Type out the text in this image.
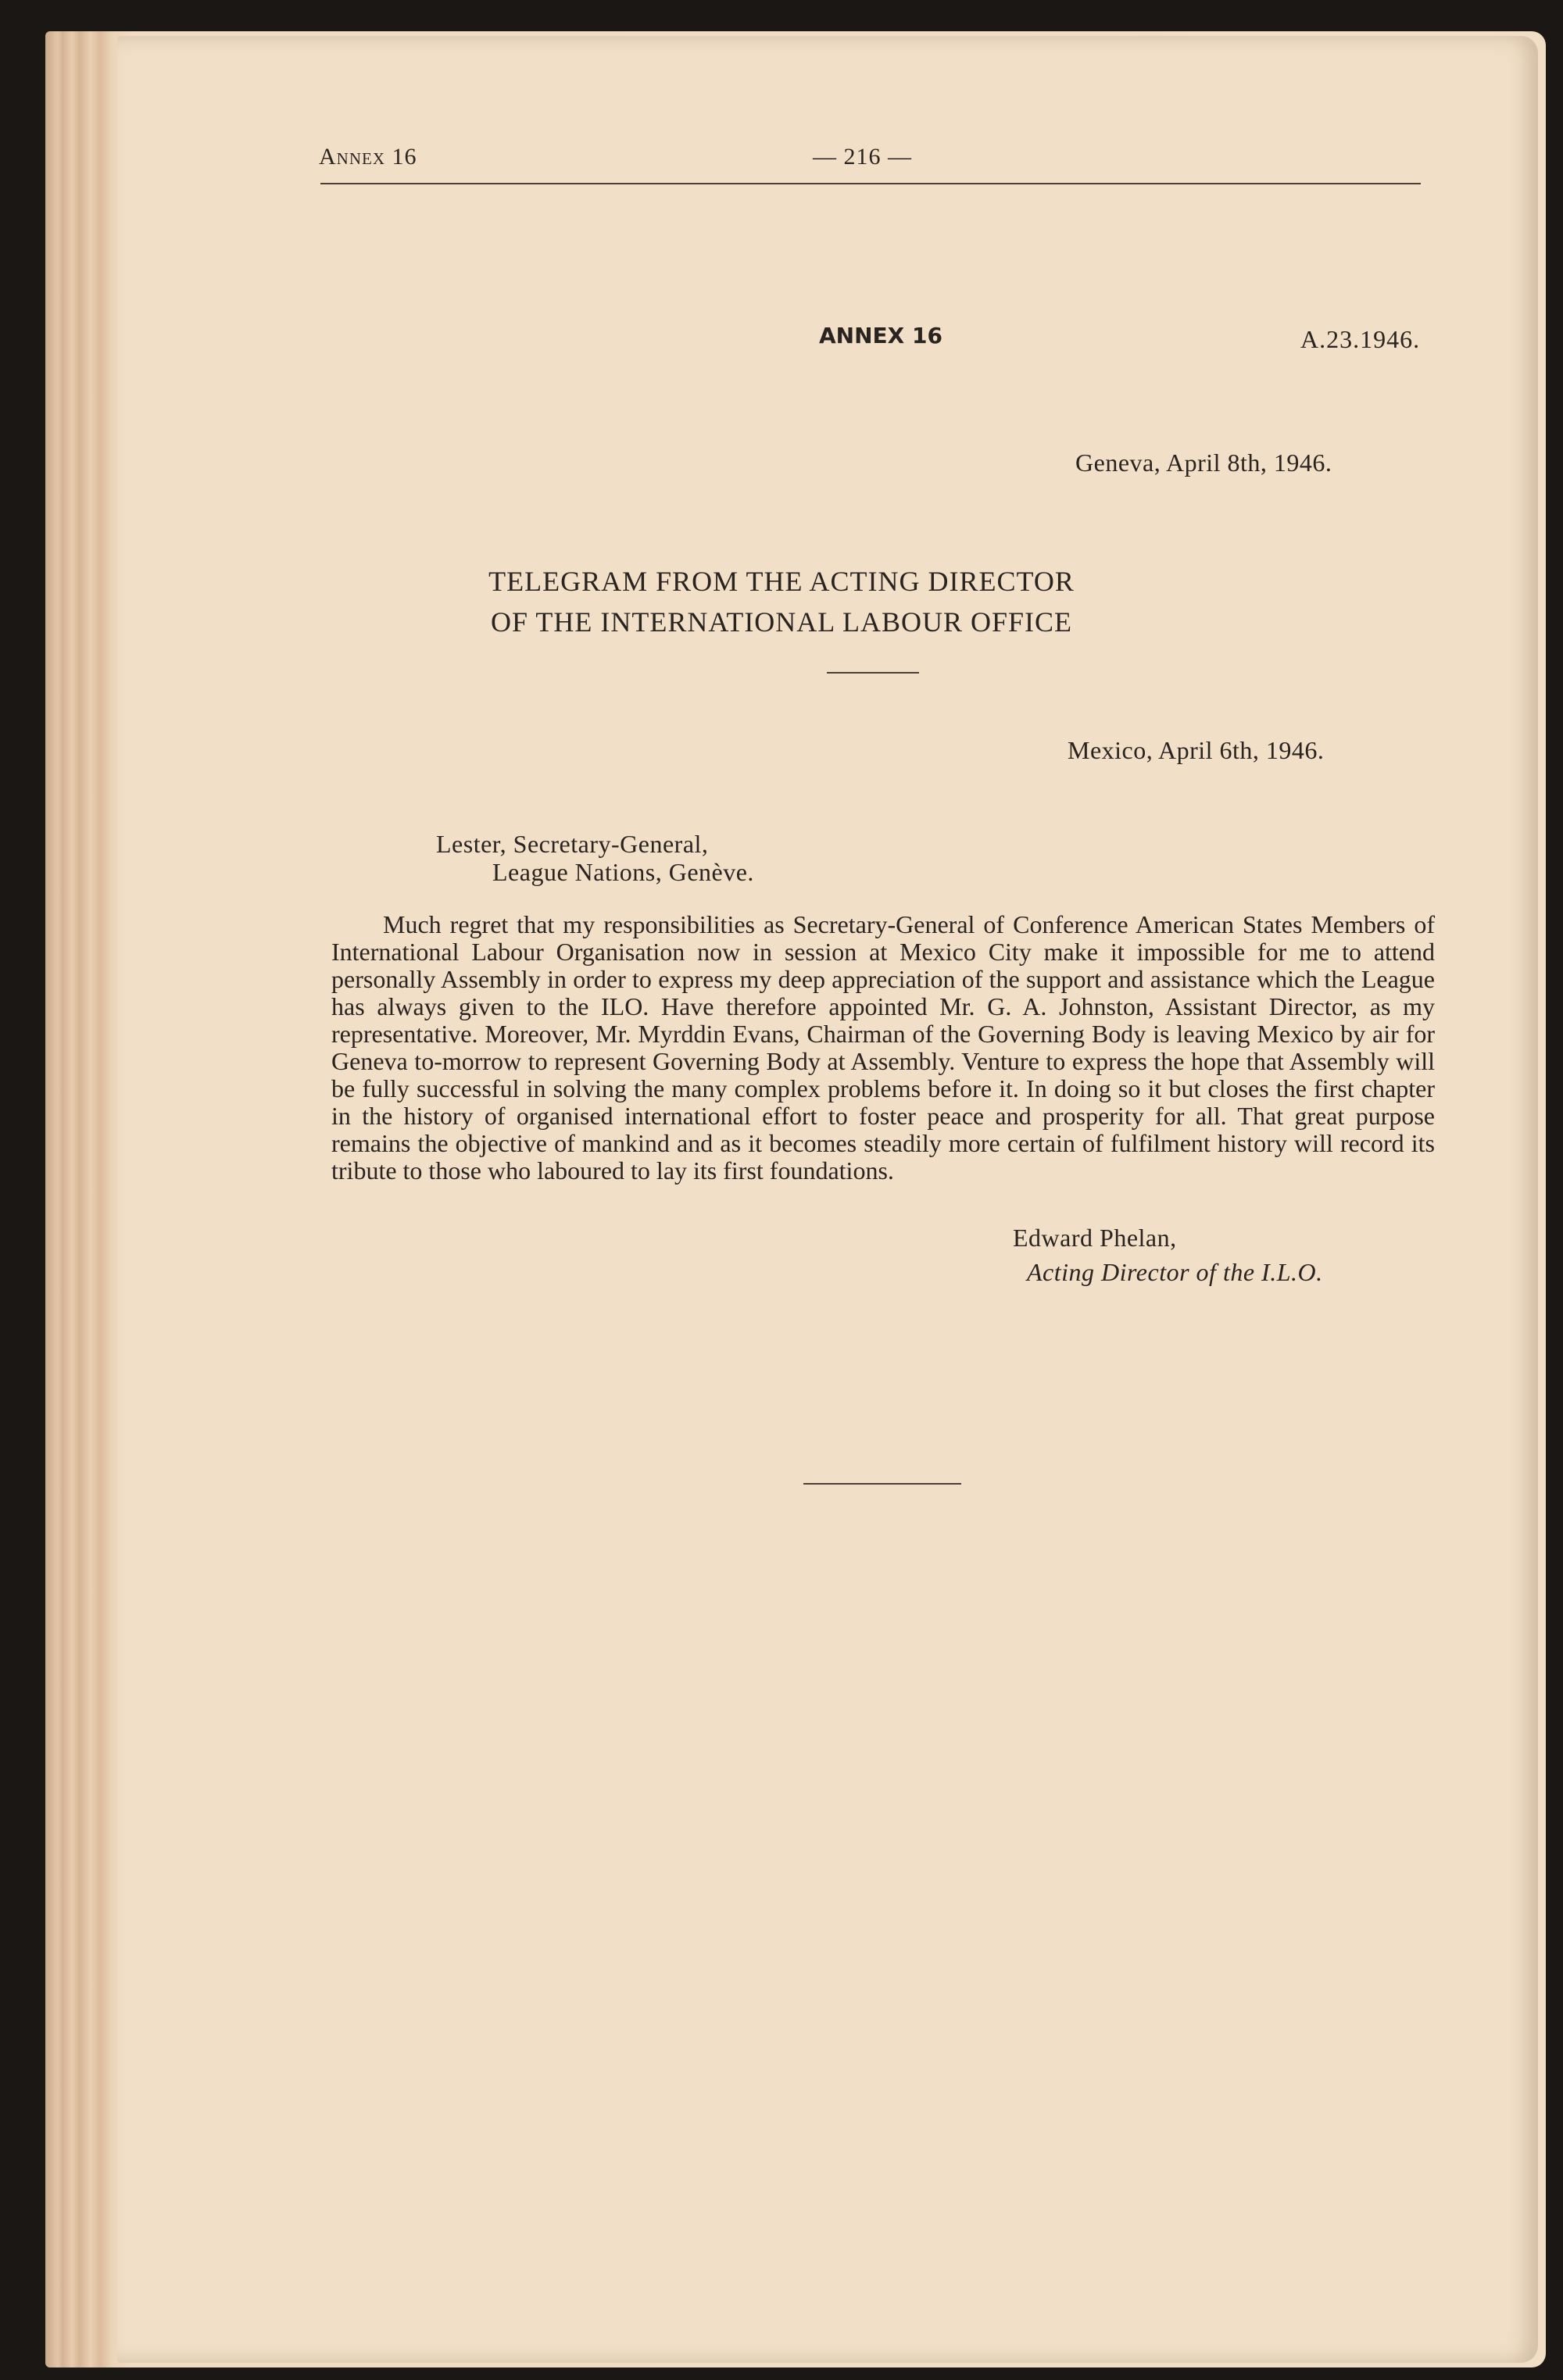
Annex 16	— 216 —
ANNEX 16	A.23.1946.
Geneva, April 8th, 1946.
TELEGRAM FROM THE ACTING DIRECTOR
OF THE INTERNATIONAL LABOUR OFFICE
Mexico, April 6th, 1946.
Lester, Secretary-General,
League Nations, Genève.
Much regret that my responsibilities as Secretary-General of Conference American States Members of International Labour Organisation now in session at Mexico City make it impossible for me to attend personally Assembly in order to express my deep appreciation of the support and assistance which the League has always given to the ILO. Have therefore appointed Mr. G. A. Johnston, Assistant Director, as my representative. Moreover, Mr. Myrddin Evans, Chairman of the Governing Body is leaving Mexico by air for Geneva to-morrow to represent Governing Body at Assembly. Venture to express the hope that Assembly will be fully successful in solving the many complex problems before it. In doing so it but closes the first chapter in the history of organised international effort to foster peace and prosperity for all. That great purpose remains the objective of mankind and as it becomes steadily more certain of fulfilment history will record its tribute to those who laboured to lay its first foundations.
Edward Phelan,
Acting Director of the I.L.O.
